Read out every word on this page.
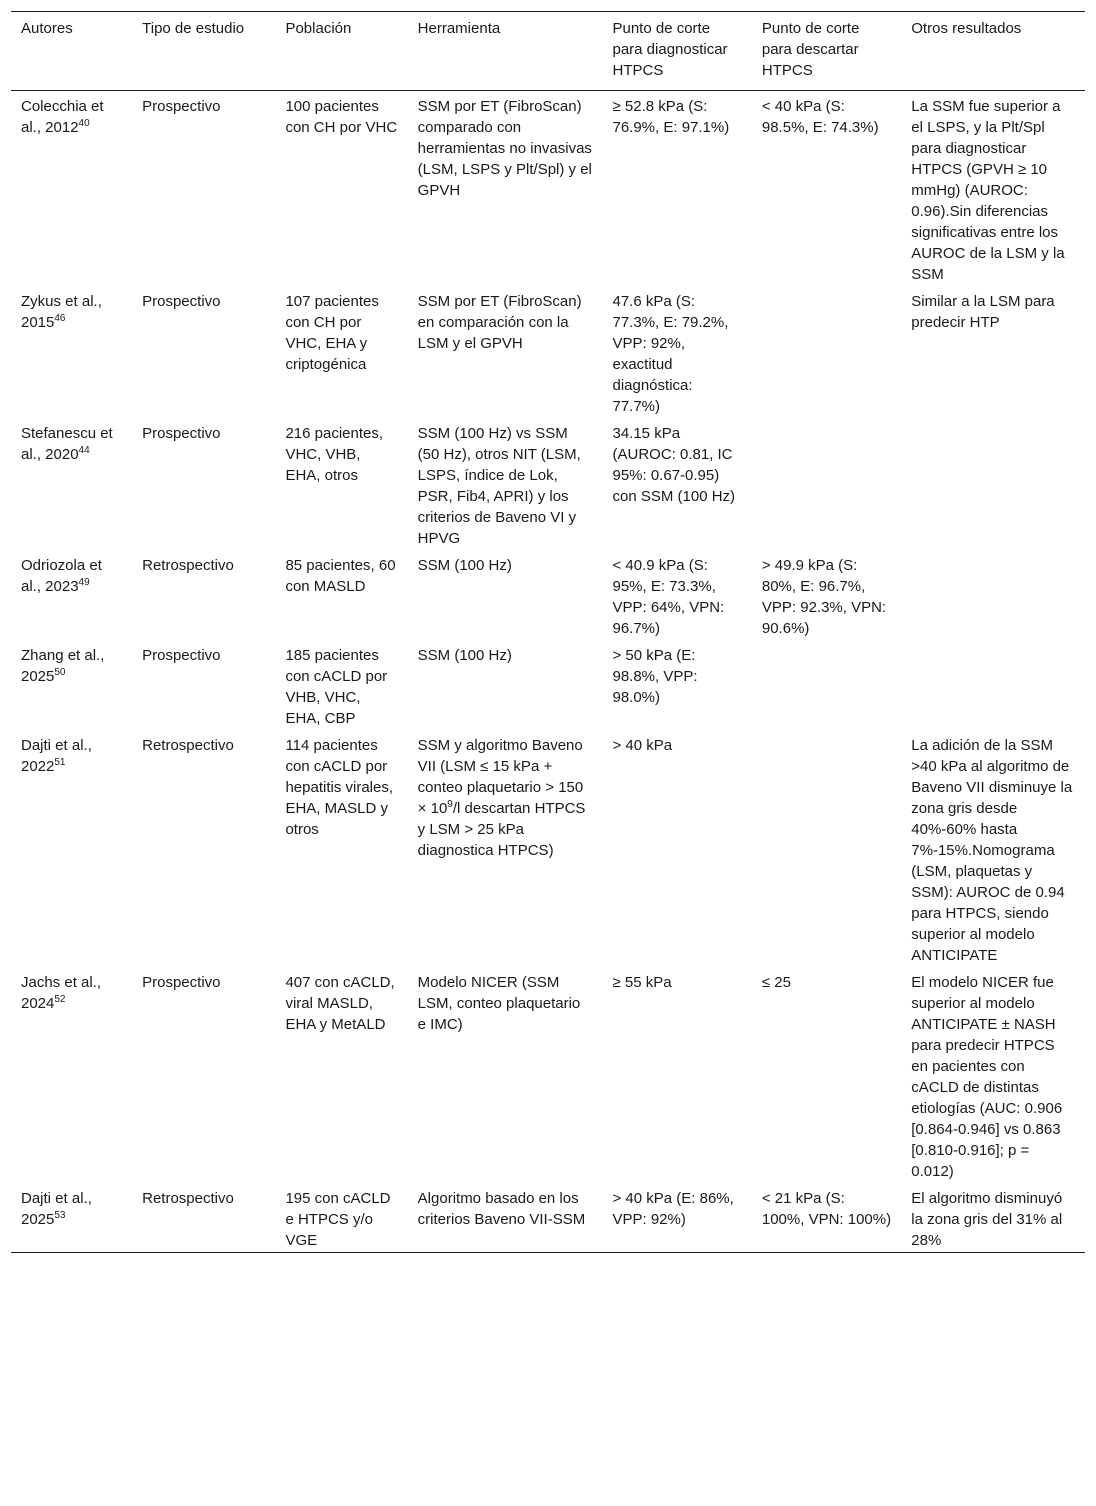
Autores	Tipo de estudio	Población	Herramienta	Punto de corte para diagnosticar HTPCS	Punto de corte para descartar HTPCS	Otros resultados
Colecchia et al., 2012$^{40}$	Prospectivo	100 pacientes con CH por VHC	SSM por ET (FibroScan) comparado con herramientas no invasivas (LSM, LSPS y Plt/Spl) y el GPVH	≥ 52.8 kPa (S: 76.9%, E: 97.1%)	< 40 kPa (S: 98.5%, E: 74.3%)	La SSM fue superior a el LSPS, y la Plt/Spl para diagnosticar HTPCS (GPVH ≥ 10 mmHg) (AUROC: 0.96).Sin diferencias significativas entre los AUROC de la LSM y la SSM
Zykus et al., 2015$^{46}$	Prospectivo	107 pacientes con CH por VHC, EHA y criptogénica	SSM por ET (FibroScan) en comparación con la LSM y el GPVH	47.6 kPa (S: 77.3%, E: 79.2%, VPP: 92%, exactitud diagnóstica: 77.7%)		Similar a la LSM para predecir HTP
Stefanescu et al., 2020$^{44}$	Prospectivo	216 pacientes, VHC, VHB, EHA, otros	SSM (100 Hz) vs SSM (50 Hz), otros NIT (LSM, LSPS, índice de Lok, PSR, Fib4, APRI) y los criterios de Baveno VI y HPVG	34.15 kPa (AUROC: 0.81, IC 95%: 0.67-0.95) con SSM (100 Hz)		
Odriozola et al., 2023$^{49}$	Retrospectivo	85 pacientes, 60 con MASLD	SSM (100 Hz)	< 40.9 kPa (S: 95%, E: 73.3%, VPP: 64%, VPN: 96.7%)	> 49.9 kPa (S: 80%, E: 96.7%, VPP: 92.3%, VPN: 90.6%)	
Zhang et al., 2025$^{50}$	Prospectivo	185 pacientes con cACLD por VHB, VHC, EHA, CBP	SSM (100 Hz)	> 50 kPa (E: 98.8%, VPP: 98.0%)		
Dajti et al., 2022$^{51}$	Retrospectivo	114 pacientes con cACLD por hepatitis virales, EHA, MASLD y otros	SSM y algoritmo Baveno VII (LSM ≤ 15 kPa + conteo plaquetario > $150 \times 10^9/l$ descartan HTPCS y LSM > 25 kPa diagnostica HTPCS)	> 40 kPa		La adición de la SSM >40 kPa al algoritmo de Baveno VII disminuye la zona gris desde 40%-60% hasta 7%-15%.Nomograma (LSM, plaquetas y SSM): AUROC de 0.94 para HTPCS, siendo superior al modelo ANTICIPATE
Jachs et al., 2024$^{52}$	Prospectivo	407 con cACLD, viral MASLD, EHA y MetALD	Modelo NICER (SSM LSM, conteo plaquetario e IMC)	≥ 55 kPa	≤ 25	El modelo NICER fue superior al modelo ANTICIPATE ± NASH para predecir HTPCS en pacientes con cACLD de distintas etiologías (AUC: 0.906 [0.864-0.946] vs 0.863 [0.810-0.916]; p = 0.012)
Dajti et al., 2025$^{53}$	Retrospectivo	195 con cACLD e HTPCS y/o VGE	Algoritmo basado en los criterios Baveno VII-SSM	> 40 kPa (E: 86%, VPP: 92%)	< 21 kPa (S: 100%, VPN: 100%)	El algoritmo disminuyó la zona gris del 31% al 28%
